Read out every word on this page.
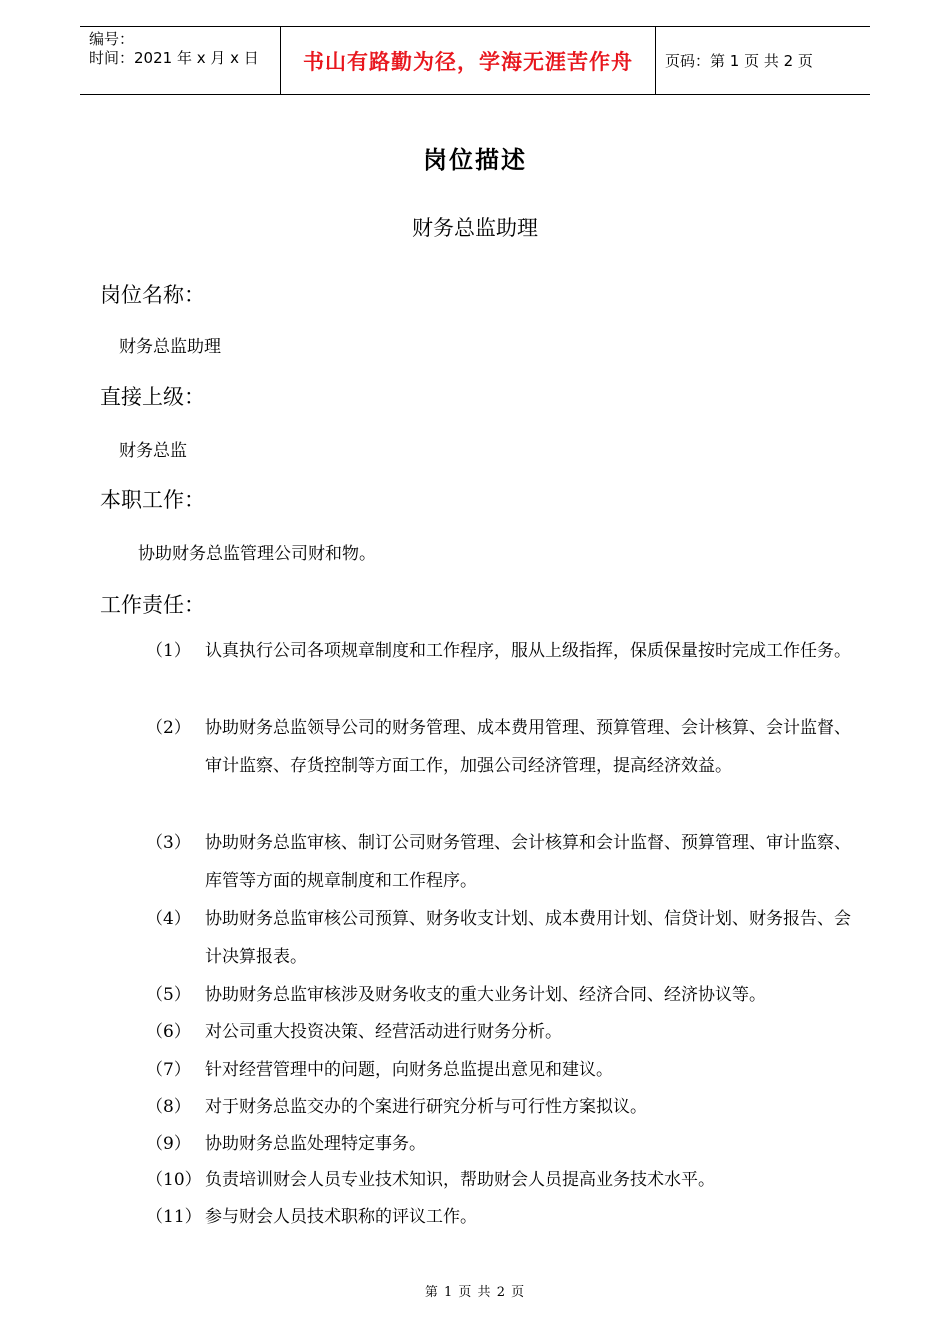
编号：
时间：2021 年 x 月 x 日	书山有路勤为径，学海无涯苦作舟	页码：第 1 页 共 2 页
岗位描述
财务总监助理
岗位名称：
财务总监助理
直接上级：
财务总监
本职工作：
协助财务总监管理公司财和物。
工作责任：
（1） 认真执行公司各项规章制度和工作程序，服从上级指挥，保质保量按时完成工作任务。
（2） 协助财务总监领导公司的财务管理、成本费用管理、预算管理、会计核算、会计监督、审计监察、存货控制等方面工作，加强公司经济管理，提高经济效益。
（3） 协助财务总监审核、制订公司财务管理、会计核算和会计监督、预算管理、审计监察、库管等方面的规章制度和工作程序。
（4） 协助财务总监审核公司预算、财务收支计划、成本费用计划、信贷计划、财务报告、会计决算报表。
（5） 协助财务总监审核涉及财务收支的重大业务计划、经济合同、经济协议等。
（6） 对公司重大投资决策、经营活动进行财务分析。
（7） 针对经营管理中的问题，向财务总监提出意见和建议。
（8） 对于财务总监交办的个案进行研究分析与可行性方案拟议。
（9） 协助财务总监处理特定事务。
（10） 负责培训财会人员专业技术知识，帮助财会人员提高业务技术水平。
（11） 参与财会人员技术职称的评议工作。
第 1 页 共 2 页
